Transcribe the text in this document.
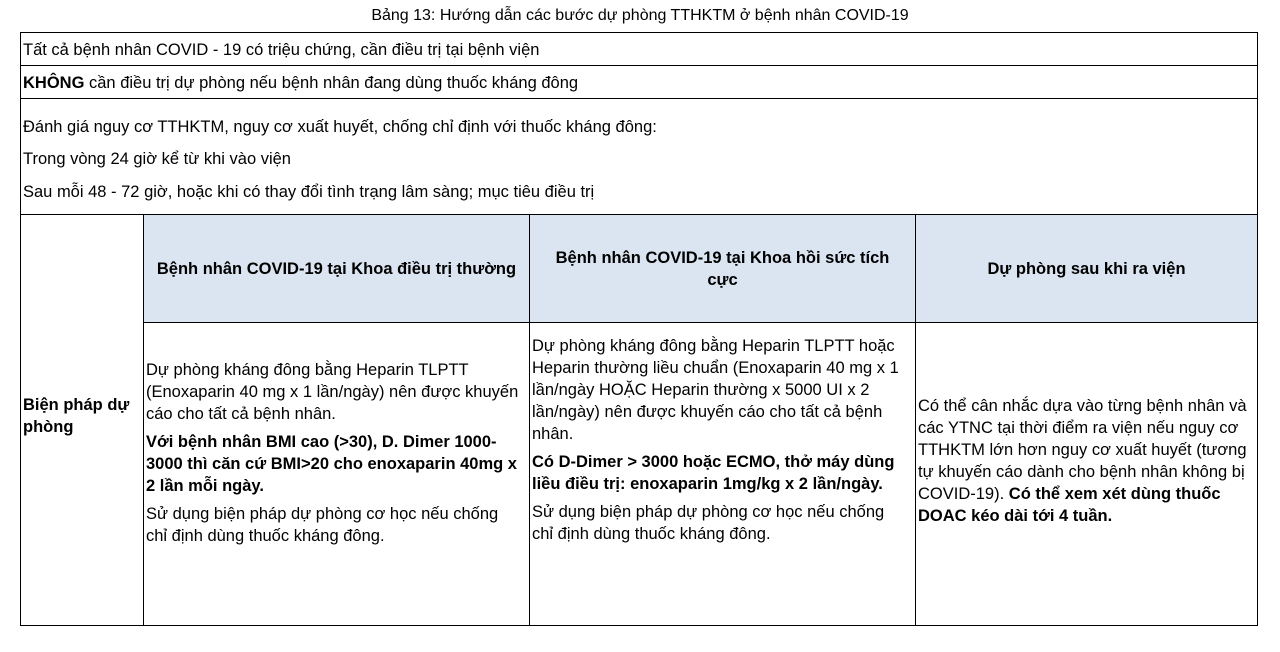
Bảng 13: Hướng dẫn các bước dự phòng TTHKTM ở bệnh nhân COVID-19
Tất cả bệnh nhân COVID - 19 có triệu chứng, cần điều trị tại bệnh viện
KHÔNG cần điều trị dự phòng nếu bệnh nhân đang dùng thuốc kháng đông
Đánh giá nguy cơ TTHKTM, nguy cơ xuất huyết, chống chỉ định với thuốc kháng đông:
Trong vòng 24 giờ kể từ khi vào viện
Sau mỗi 48 - 72 giờ, hoặc khi có thay đổi tình trạng lâm sàng; mục tiêu điều trị
Biện pháp dự phòng
Bệnh nhân COVID-19 tại Khoa điều trị thường
Bệnh nhân COVID-19 tại Khoa hồi sức tích cực
Dự phòng sau khi ra viện

Dự phòng kháng đông bằng Heparin TLPTT (Enoxaparin 40 mg x 1 lần/ngày) nên được khuyến cáo cho tất cả bệnh nhân.

Với bệnh nhân BMI cao (>30), D. Dimer 1000-3000 thì căn cứ BMI>20 cho enoxaparin 40mg x 2 lần mỗi ngày.

Sử dụng biện pháp dự phòng cơ học nếu chống chỉ định dùng thuốc kháng đông.

Dự phòng kháng đông bằng Heparin TLPTT hoặc Heparin thường liều chuẩn (Enoxaparin 40 mg x 1 lần/ngày HOẶC Heparin thường x 5000 UI x 2 lần/ngày) nên được khuyến cáo cho tất cả bệnh nhân.

Có D-Dimer > 3000 hoặc ECMO, thở máy dùng liều điều trị: enoxaparin 1mg/kg x 2 lần/ngày.

Sử dụng biện pháp dự phòng cơ học nếu chống chỉ định dùng thuốc kháng đông.

Có thể cân nhắc dựa vào từng bệnh nhân và các YTNC tại thời điểm ra viện nếu nguy cơ TTHKTM lớn hơn nguy cơ xuất huyết (tương tự khuyến cáo dành cho bệnh nhân không bị COVID-19). Có thể xem xét dùng thuốc DOAC kéo dài tới 4 tuần.
